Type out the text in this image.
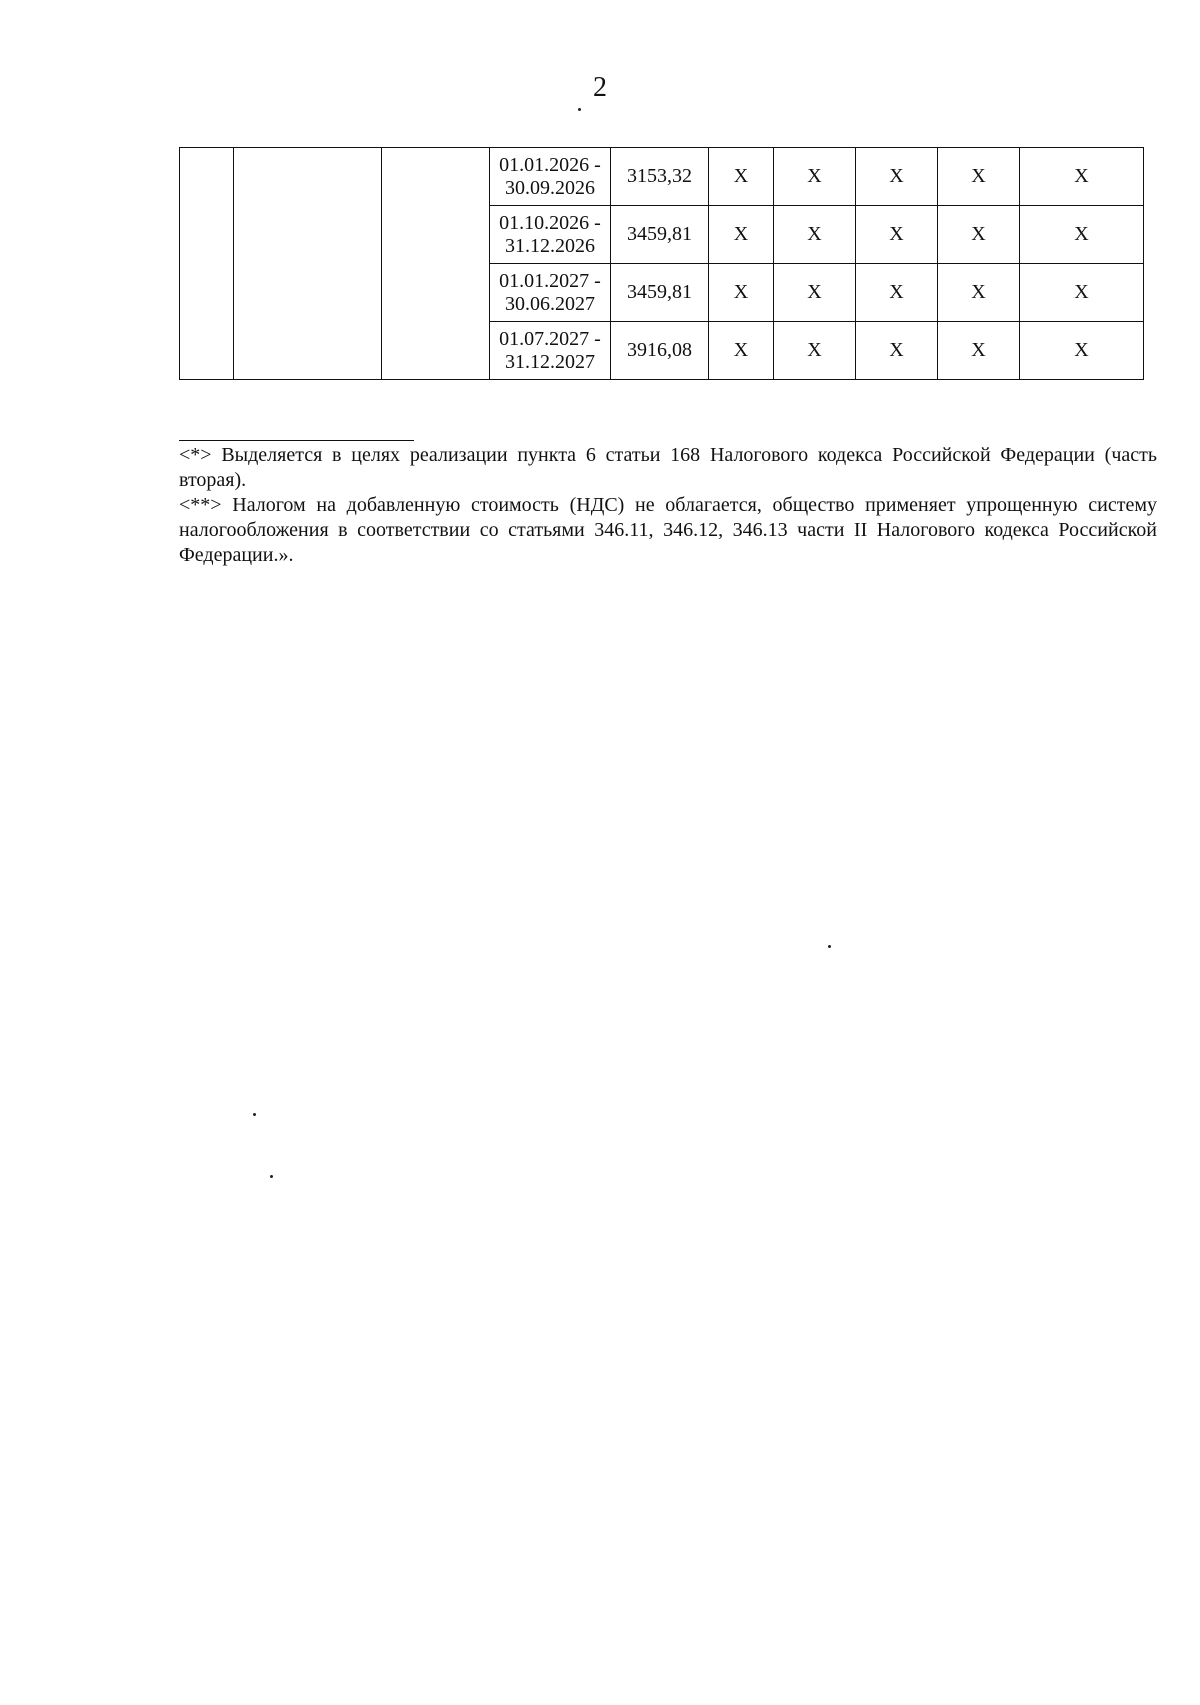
2
			01.01.2026 -
30.09.2026	3153,32	X	X	X	X	X
			01.10.2026 -
31.12.2026	3459,81	X	X	X	X	X
			01.01.2027 -
30.06.2027	3459,81	X	X	X	X	X
			01.07.2027 -
31.12.2027	3916,08	X	X	X	X	X

<*> Выделяется в целях реализации пункта 6 статьи 168 Налогового кодекса Российской Федерации (часть вторая).

<**> Налогом на добавленную стоимость (НДС) не облагается, общество применяет упрощенную систему налогообложения в соответствии со статьями 346.11, 346.12, 346.13 части II Налогового кодекса Российской Федерации.».
